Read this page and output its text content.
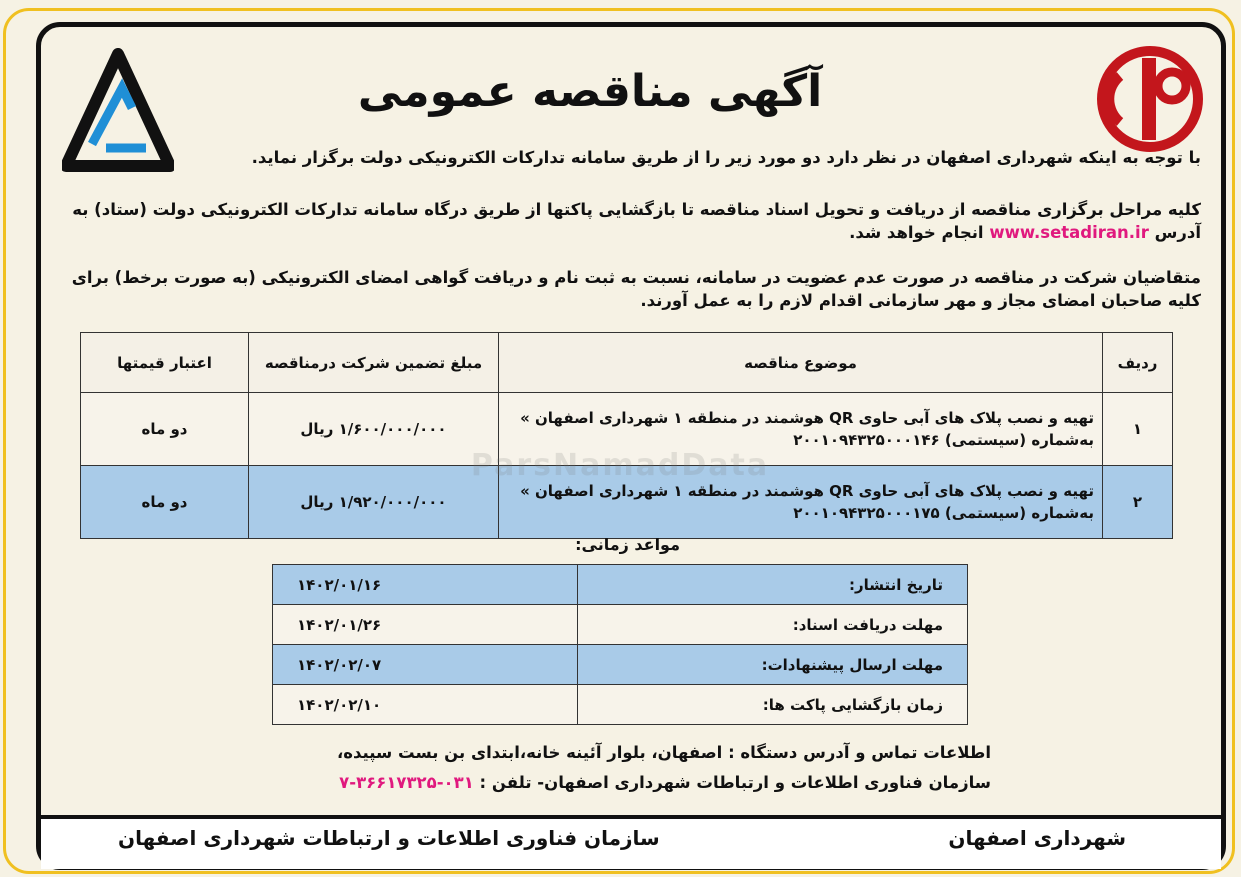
آگهی مناقصه عمومی
با توجه به اینکه شهرداری اصفهان در نظر دارد دو مورد زیر را از طریق سامانه تدارکات الکترونیکی دولت برگزار نماید.
کلیه مراحل برگزاری مناقصه از دریافت و تحویل اسناد مناقصه تا بازگشایی پاکتها از طریق درگاه سامانه تدارکات الکترونیکی دولت (ستاد) به آدرس www.setadiran.ir انجام خواهد شد.
متقاضیان شرکت در مناقصه در صورت عدم عضویت در سامانه، نسبت به ثبت نام و دریافت گواهی امضای الکترونیکی (به صورت برخط) برای کلیه صاحبان امضای مجاز و مهر سازمانی اقدام لازم را به عمل آورند.
ردیف	موضوع مناقصه	مبلغ تضمین شرکت درمناقصه	اعتبار قیمتها
۱	تهیه و نصب پلاک های آبی حاوی QR هوشمند در منطقه ۱ شهرداری اصفهان »
به‌شماره (سیستمی) ۲۰۰۱۰۹۴۳۲۵۰۰۰۱۴۶	۱/۶۰۰/۰۰۰/۰۰۰ ریال	دو ماه
۲	تهیه و نصب پلاک های آبی حاوی QR هوشمند در منطقه ۱ شهرداری اصفهان »
به‌شماره (سیستمی) ۲۰۰۱۰۹۴۳۲۵۰۰۰۱۷۵	۱/۹۲۰/۰۰۰/۰۰۰ ریال	دو ماه
مواعد زمانی:
تاریخ انتشار:	۱۴۰۲/۰۱/۱۶
مهلت دریافت اسناد:	۱۴۰۲/۰۱/۲۶
مهلت ارسال پیشنهادات:	۱۴۰۲/۰۲/۰۷
زمان بازگشایی پاکت ها:	۱۴۰۲/۰۲/۱۰
اطلاعات تماس و آدرس دستگاه : اصفهان، بلوار آئینه خانه،ابتدای بن بست سپیده،
سازمان فناوری اطلاعات و ارتباطات شهرداری اصفهان- تلفن : ۰۳۱-۳۶۶۱۷۳۲۵-۷
شهرداری اصفهان
سازمان فناوری اطلاعات و ارتباطات شهرداری اصفهان
